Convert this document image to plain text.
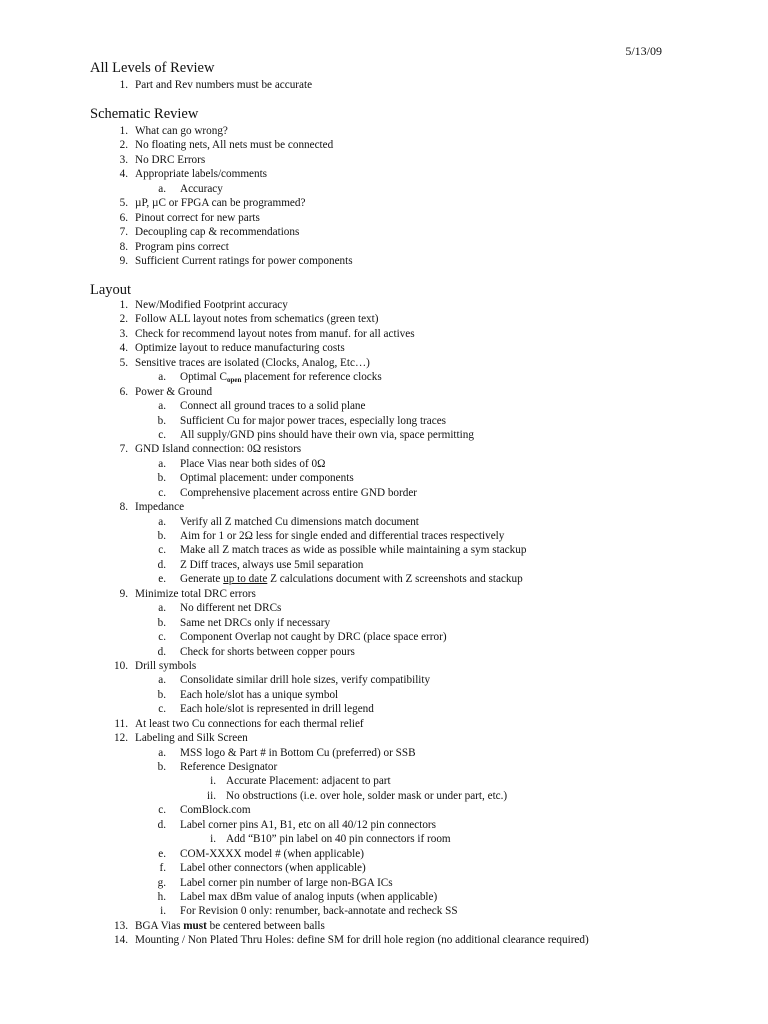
5/13/09
All Levels of Review
1. Part and Rev numbers must be accurate
Schematic Review
1. What can go wrong?
2. No floating nets, All nets must be connected
3. No DRC Errors
4. Appropriate labels/comments
a. Accuracy
5. µP, µC or FPGA can be programmed?
6. Pinout correct for new parts
7. Decoupling cap & recommendations
8. Program pins correct
9. Sufficient Current ratings for power components
Layout
1. New/Modified Footprint accuracy
2. Follow ALL layout notes from schematics (green text)
3. Check for recommend layout notes from manuf. for all actives
4. Optimize layout to reduce manufacturing costs
5. Sensitive traces are isolated (Clocks, Analog, Etc…)
a. Optimal $C_{open}$ placement for reference clocks
6. Power & Ground
a. Connect all ground traces to a solid plane
b. Sufficient Cu for major power traces, especially long traces
c. All supply/GND pins should have their own via, space permitting
7. GND Island connection: 0Ω resistors
a. Place Vias near both sides of 0Ω
b. Optimal placement: under components
c. Comprehensive placement across entire GND border
8. Impedance
a. Verify all Z matched Cu dimensions match document
b. Aim for 1 or 2Ω less for single ended and differential traces respectively
c. Make all Z match traces as wide as possible while maintaining a sym stackup
d. Z Diff traces, always use 5mil separation
e. Generate up to date Z calculations document with Z screenshots and stackup
9. Minimize total DRC errors
a. No different net DRCs
b. Same net DRCs only if necessary
c. Component Overlap not caught by DRC (place space error)
d. Check for shorts between copper pours
10. Drill symbols
a. Consolidate similar drill hole sizes, verify compatibility
b. Each hole/slot has a unique symbol
c. Each hole/slot is represented in drill legend
11. At least two Cu connections for each thermal relief
12. Labeling and Silk Screen
a. MSS logo & Part # in Bottom Cu (preferred) or SSB
b. Reference Designator
i. Accurate Placement: adjacent to part
ii. No obstructions (i.e. over hole, solder mask or under part, etc.)
c. ComBlock.com
d. Label corner pins A1, B1, etc on all 40/12 pin connectors
i. Add “B10” pin label on 40 pin connectors if room
e. COM-XXXX model # (when applicable)
f. Label other connectors (when applicable)
g. Label corner pin number of large non-BGA ICs
h. Label max dBm value of analog inputs (when applicable)
i. For Revision 0 only: renumber, back-annotate and recheck SS
13. BGA Vias must be centered between balls
14. Mounting / Non Plated Thru Holes: define SM for drill hole region (no additional clearance required)
